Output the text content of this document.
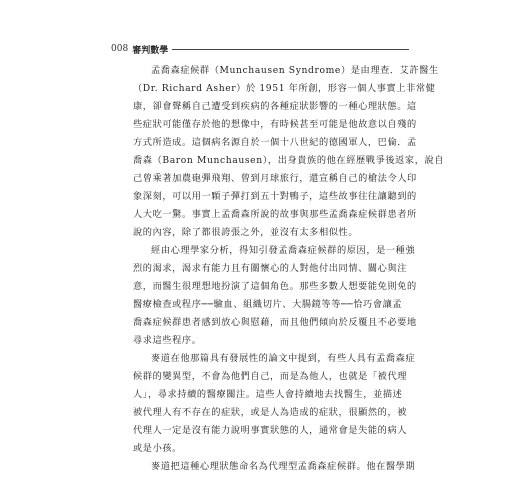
008 審判數學
孟喬森症候群（Munchausen Syndrome）是由理查．艾許醫生
（Dr. Richard Asher）於 1951 年所創，形容一個人事實上非常健
康，卻會聲稱自己遭受到疾病的各種症狀影響的一種心理狀態。這
些症狀可能僅存於他的想像中，有時候甚至可能是他故意以自殘的
方式所造成。這個病名源自於一個十八世紀的德國軍人，巴倫．孟
喬森（Baron Munchausen），出身貴族的他在經歷戰爭後返家，說自
己曾乘著加農砲彈飛翔、曾到月球旅行，還宣稱自己的槍法令人印
象深刻，可以用一顆子彈打到五十對鴨子，這些故事往往讓聽到的
人大吃一驚。事實上孟喬森所說的故事與那些孟喬森症候群患者所
說的內容，除了都很誇張之外，並沒有太多相似性。
經由心理學家分析，得知引發孟喬森症候群的原因，是一種強
烈的渴求，渴求有能力且有關懷心的人對他付出同情、關心與注
意，而醫生很理想地扮演了這個角色。那些多數人想要能免則免的
醫療檢查或程序──驗血、組織切片、大腸鏡等等──恰巧會讓孟
喬森症候群患者感到放心與慰藉，而且他們傾向於反覆且不必要地
尋求這些程序。
麥道在他那篇具有發展性的論文中提到，有些人具有孟喬森症
候群的變異型，不會為他們自己，而是為他人，也就是「被代理
人」，尋求持續的醫療關注。這些人會持續地去找醫生，並描述
被代理人有不存在的症狀，或是人為造成的症狀，很顯然的，被
代理人一定是沒有能力說明事實狀態的人，通常會是失能的病人
或是小孩。
麥道把這種心理狀態命名為代理型孟喬森症候群。他在醫學期
